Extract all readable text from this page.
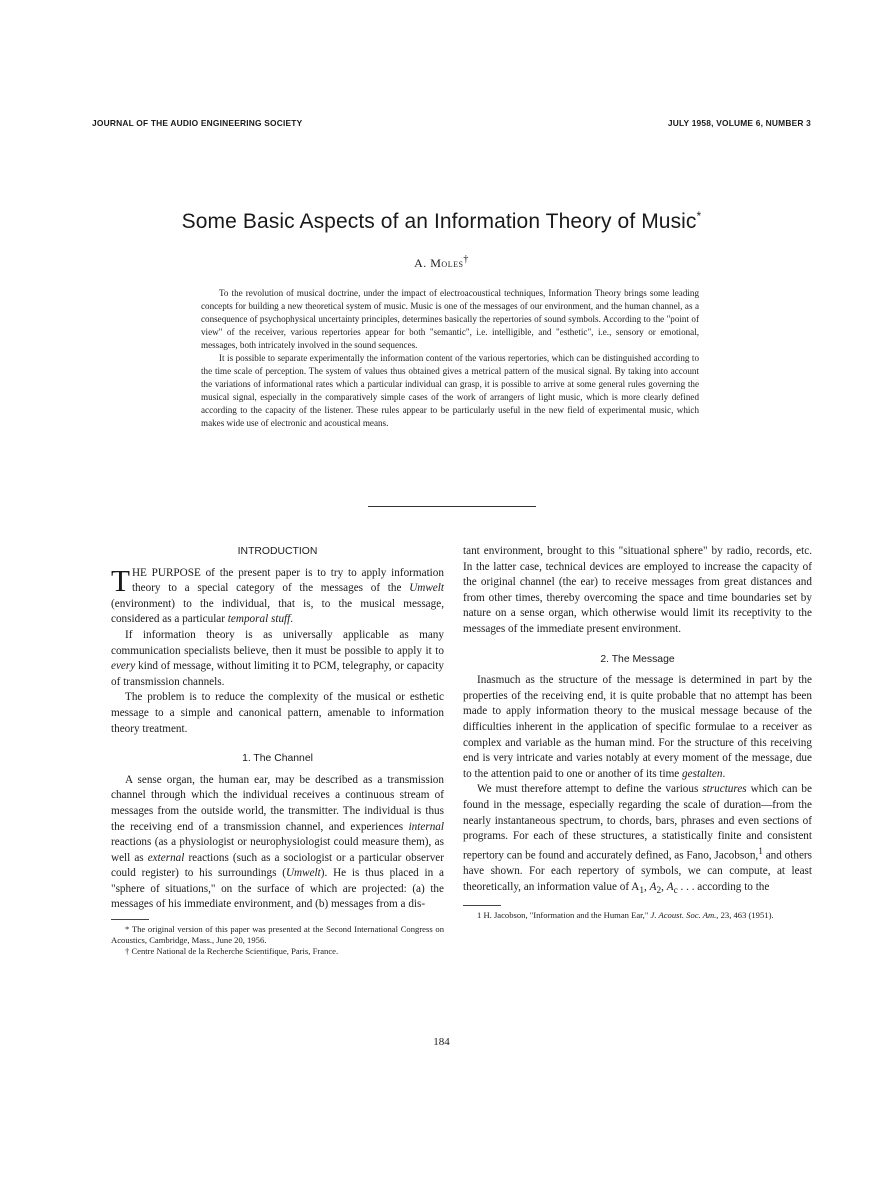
JOURNAL OF THE AUDIO ENGINEERING SOCIETY	JULY 1958, VOLUME 6, NUMBER 3
Some Basic Aspects of an Information Theory of Music*
A. Moles†

To the revolution of musical doctrine, under the impact of electroacoustical techniques, Information Theory brings some leading concepts for building a new theoretical system of music. Music is one of the messages of our environment, and the human channel, as a consequence of psychophysical uncertainty principles, determines basically the repertories of sound symbols. According to the "point of view" of the receiver, various repertories appear for both "semantic", i.e. intelligible, and "esthetic", i.e., sensory or emotional, messages, both intricately involved in the sound sequences.

It is possible to separate experimentally the information content of the various repertories, which can be distinguished according to the time scale of perception. The system of values thus obtained gives a metrical pattern of the musical signal. By taking into account the variations of informational rates which a particular individual can grasp, it is possible to arrive at some general rules governing the musical signal, especially in the comparatively simple cases of the work of arrangers of light music, which is more clearly defined according to the capacity of the listener. These rules appear to be particularly useful in the new field of experimental music, which makes wide use of electronic and acoustical means.

INTRODUCTION

THE PURPOSE of the present paper is to try to apply information theory to a special category of the messages of the Umwelt (environment) to the individual, that is, to the musical message, considered as a particular temporal stuff.

If information theory is as universally applicable as many communication specialists believe, then it must be possible to apply it to every kind of message, without limiting it to PCM, telegraphy, or capacity of transmission channels.

The problem is to reduce the complexity of the musical or esthetic message to a simple and canonical pattern, amenable to information theory treatment.

1. The Channel

A sense organ, the human ear, may be described as a transmission channel through which the individual receives a continuous stream of messages from the outside world, the transmitter. The individual is thus the receiving end of a transmission channel, and experiences internal reactions (as a physiologist or neurophysiologist could measure them), as well as external reactions (such as a sociologist or a particular observer could register) to his surroundings (Umwelt). He is thus placed in a "sphere of situations," on the surface of which are projected: (a) the messages of his immediate environment, and (b) messages from a dis-

* The original version of this paper was presented at the Second International Congress on Acoustics, Cambridge, Mass., June 20, 1956.

† Centre National de la Recherche Scientifique, Paris, France.

tant environment, brought to this "situational sphere" by radio, records, etc. In the latter case, technical devices are employed to increase the capacity of the original channel (the ear) to receive messages from great distances and from other times, thereby overcoming the space and time boundaries set by nature on a sense organ, which otherwise would limit its receptivity to the messages of the immediate present environment.

2. The Message

Inasmuch as the structure of the message is determined in part by the properties of the receiving end, it is quite probable that no attempt has been made to apply information theory to the musical message because of the difficulties inherent in the application of specific formulae to a receiver as complex and variable as the human mind. For the structure of this receiving end is very intricate and varies notably at every moment of the message, due to the attention paid to one or another of its time gestalten.

We must therefore attempt to define the various structures which can be found in the message, especially regarding the scale of duration—from the nearly instantaneous spectrum, to chords, bars, phrases and even sections of programs. For each of these structures, a statistically finite and consistent repertory can be found and accurately defined, as Fano, Jacobson,$^1$ and others have shown. For each repertory of symbols, we can compute, at least theoretically, an information value of $A_1$, $A_2$, $A_c$ . . . according to the

1 H. Jacobson, "Information and the Human Ear," J. Acoust. Soc. Am., 23, 463 (1951).

184
